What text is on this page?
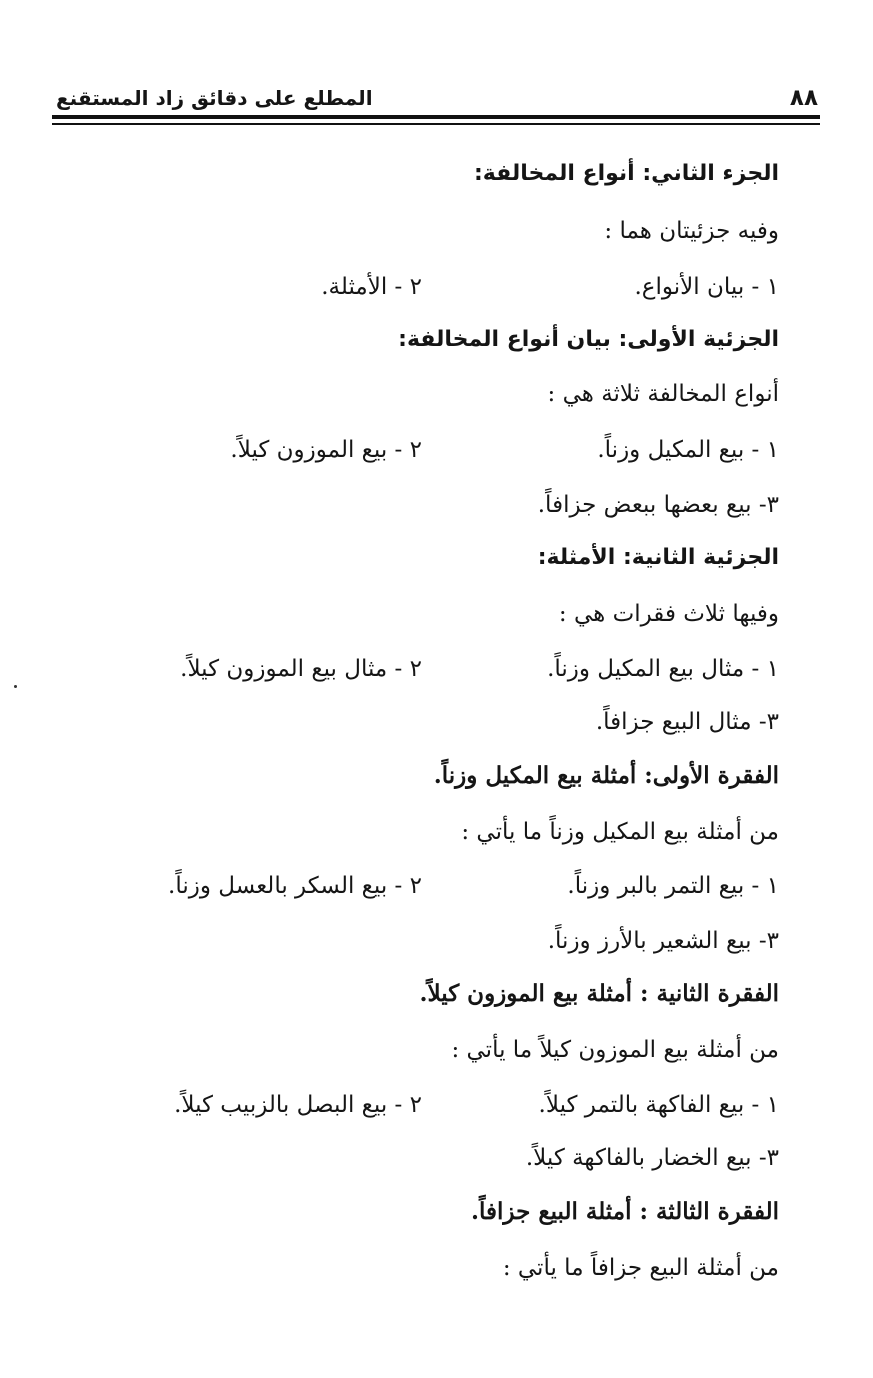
٨٨
المطلع على دقائق زاد المستقنع
الجزء الثاني: أنواع المخالفة:
وفيه جزئيتان هما :
١ - بيان الأنواع.
٢ - الأمثلة.
الجزئية الأولى: بيان أنواع المخالفة:
أنواع المخالفة ثلاثة هي :
١ - بيع المكيل وزناً.
٢ - بيع الموزون كيلاً.
٣- بيع بعضها ببعض جزافاً.
الجزئية الثانية: الأمثلة:
وفيها ثلاث فقرات هي :
١ - مثال بيع المكيل وزناً.
٢ - مثال بيع الموزون كيلاً.
٣- مثال البيع جزافاً.
الفقرة الأولى: أمثلة بيع المكيل وزناً.
من أمثلة بيع المكيل وزناً ما يأتي :
١ - بيع التمر بالبر وزناً.
٢ - بيع السكر بالعسل وزناً.
٣- بيع الشعير بالأرز وزناً.
الفقرة الثانية : أمثلة بيع الموزون كيلاً.
من أمثلة بيع الموزون كيلاً ما يأتي :
١ - بيع الفاكهة بالتمر كيلاً.
٢ - بيع البصل بالزبيب كيلاً.
٣- بيع الخضار بالفاكهة كيلاً.
الفقرة الثالثة : أمثلة البيع جزافاً.
من أمثلة البيع جزافاً ما يأتي :
